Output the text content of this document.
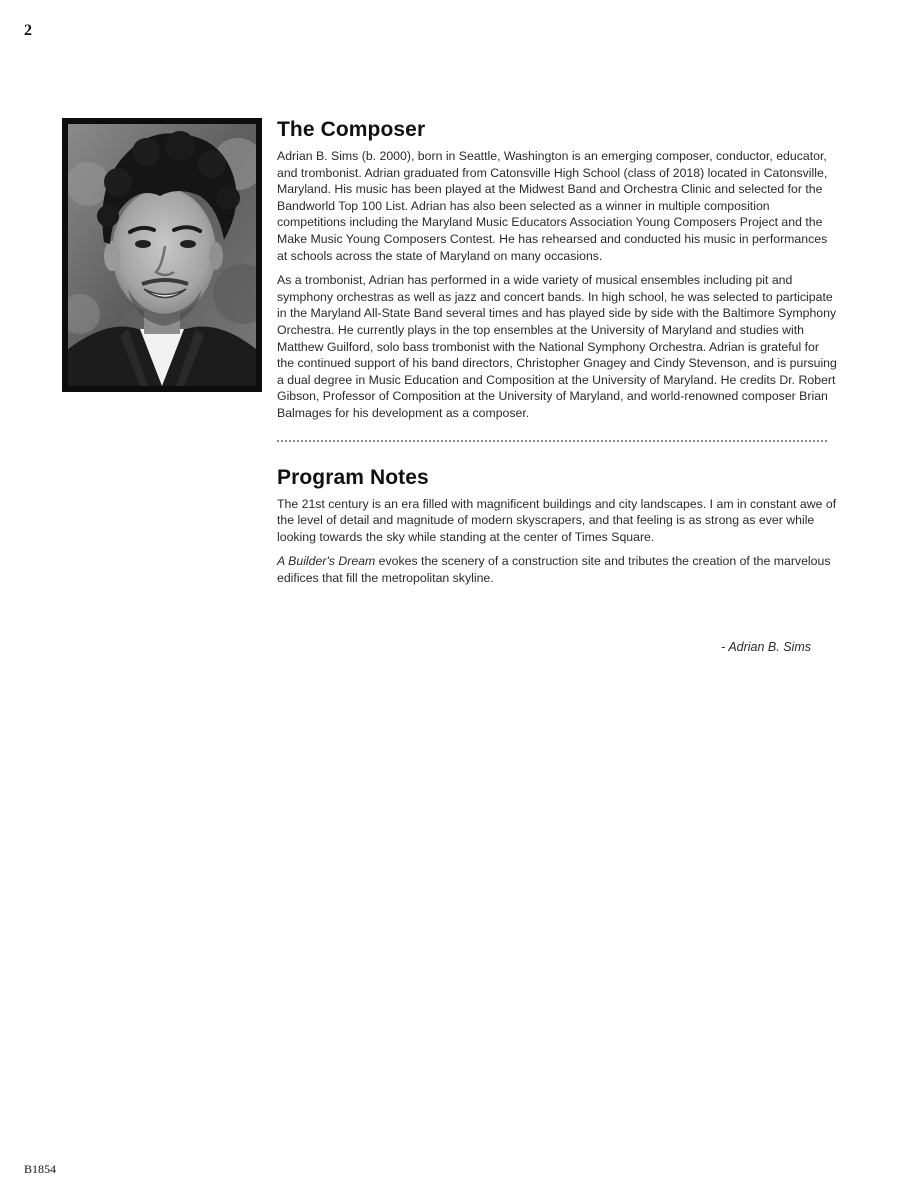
2
The Composer

Adrian B. Sims (b. 2000), born in Seattle, Washington is an emerging composer, conductor, educator, and trombonist. Adrian graduated from Catonsville High School (class of 2018) located in Catonsville, Maryland. His music has been played at the Midwest Band and Orchestra Clinic and selected for the Bandworld Top 100 List. Adrian has also been selected as a winner in multiple composition competitions including the Maryland Music Educators Association Young Composers Project and the Make Music Young Composers Contest. He has rehearsed and conducted his music in performances at schools across the state of Maryland on many occasions.

As a trombonist, Adrian has performed in a wide variety of musical ensembles including pit and symphony orchestras as well as jazz and concert bands. In high school, he was selected to participate in the Maryland All-State Band several times and has played side by side with the Baltimore Symphony Orchestra. He currently plays in the top ensembles at the University of Maryland and studies with Matthew Guilford, solo bass trombonist with the National Symphony Orchestra. Adrian is grateful for the continued support of his band directors, Christopher Gnagey and Cindy Stevenson, and is pursuing a dual degree in Music Education and Composition at the University of Maryland. He credits Dr. Robert Gibson, Professor of Composition at the University of Maryland, and world-renowned composer Brian Balmages for his development as a composer.

Program Notes

The 21st century is an era filled with magnificent buildings and city landscapes. I am in constant awe of the level of detail and magnitude of modern skyscrapers, and that feeling is as strong as ever while looking towards the sky while standing at the center of Times Square.

A Builder's Dream evokes the scenery of a construction site and tributes the creation of the marvelous edifices that fill the metropolitan skyline.

- Adrian B. Sims
B1854
